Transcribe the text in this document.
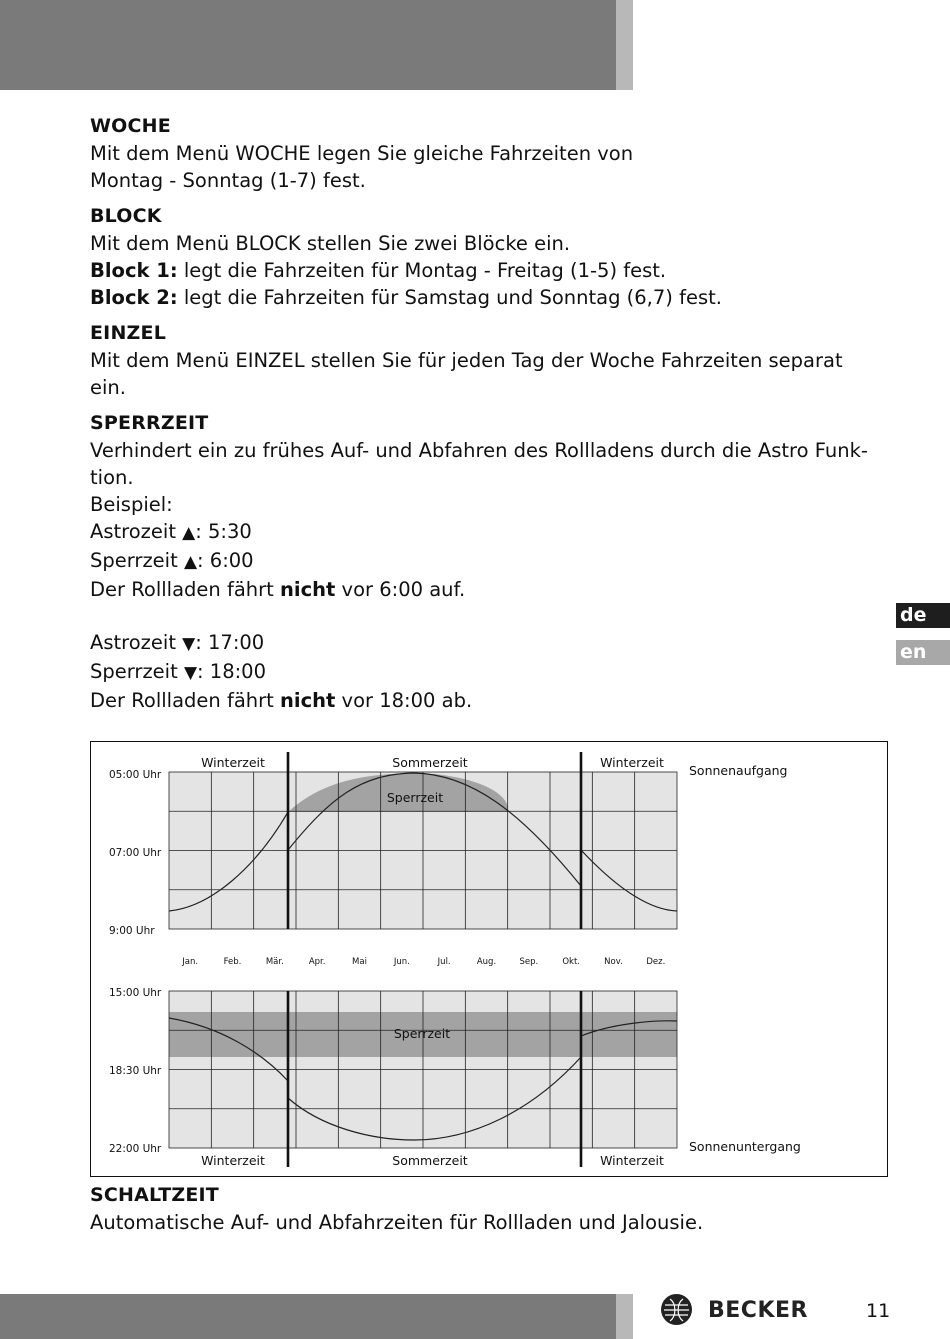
de
en
WOCHE
Mit dem Menü WOCHE legen Sie gleiche Fahrzeiten von
Montag - Sonntag (1-7) fest.
BLOCK
Mit dem Menü BLOCK stellen Sie zwei Blöcke ein.
Block 1: legt die Fahrzeiten für Montag - Freitag (1-5) fest.
Block 2: legt die Fahrzeiten für Samstag und Sonntag (6,7) fest.
EINZEL
Mit dem Menü EINZEL stellen Sie für jeden Tag der Woche Fahrzeiten separat
ein.
SPERRZEIT
Verhindert ein zu frühes Auf- und Abfahren des Rollladens durch die Astro Funk-
tion.
Beispiel:
Astrozeit ▲: 5:30
Sperrzeit ▲: 6:00
Der Rollladen fährt nicht vor 6:00 auf.
Astrozeit ▼: 17:00
Sperrzeit ▼: 18:00
Der Rollladen fährt nicht vor 18:00 ab.
Winterzeit	Sommerzeit	Winterzeit
Sonnenaufgang
Sperrzeit
05:00 Uhr
07:00 Uhr
9:00 Uhr
Jan.	Feb.	Mär.	Apr.	Mai	Jun.	Jul.	Aug.	Sep.	Okt.	Nov.	Dez.
15:00 Uhr
18:30 Uhr
22:00 Uhr
Sperrzeit
Sonnenuntergang
Winterzeit	Sommerzeit	Winterzeit
SCHALTZEIT
Automatische Auf- und Abfahrzeiten für Rollladen und Jalousie.
BECKER	11
